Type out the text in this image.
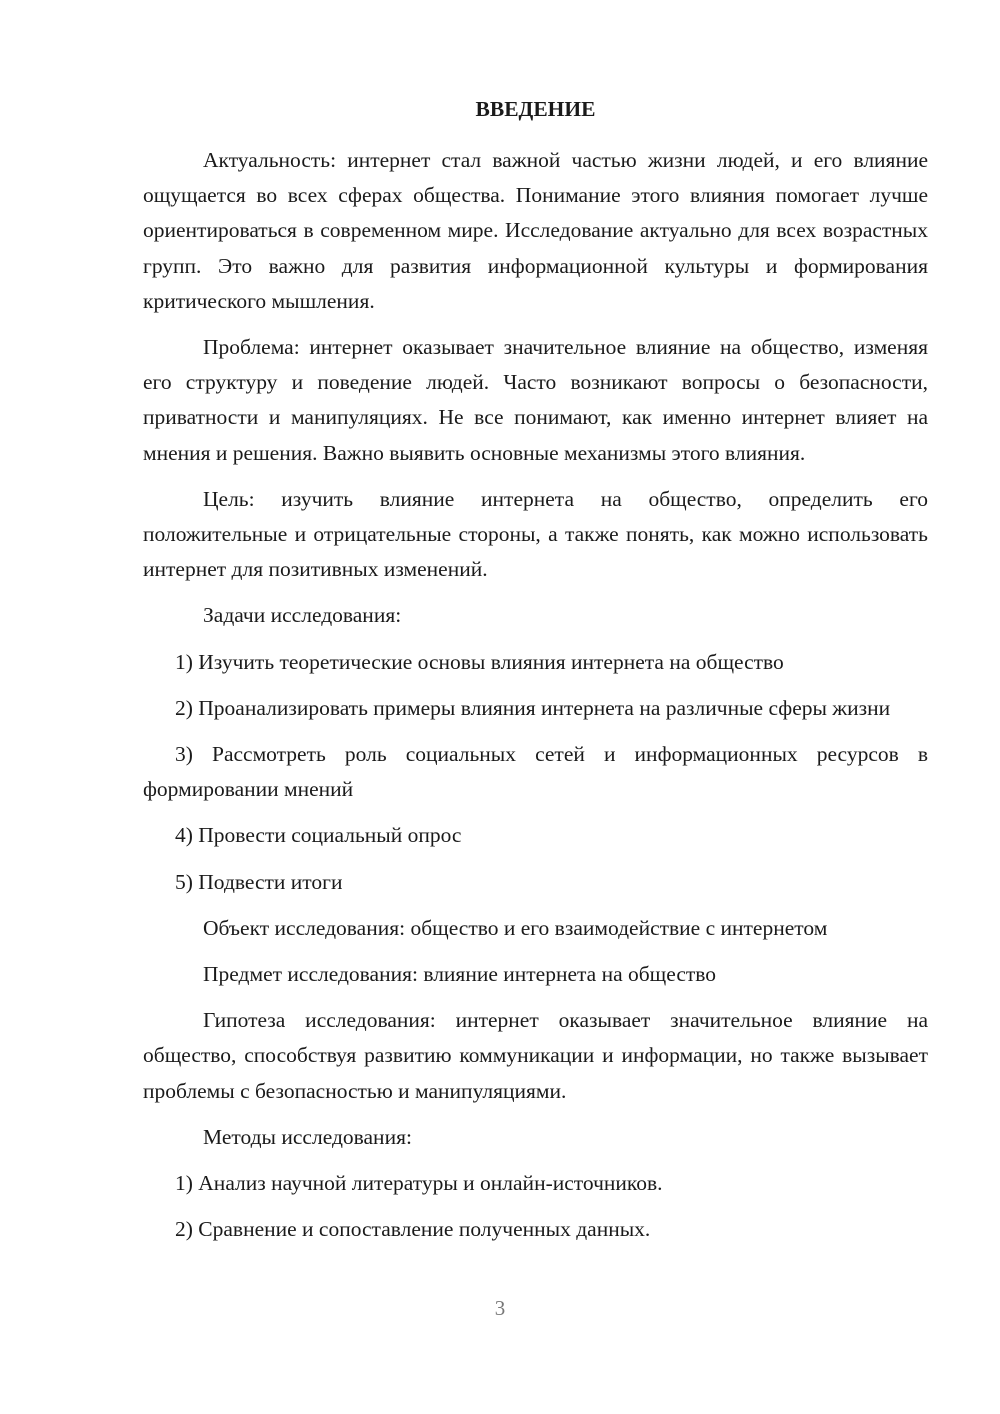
ВВЕДЕНИЕ

Актуальность: интернет стал важной частью жизни людей, и его влияние ощущается во всех сферах общества. Понимание этого влияния помогает лучше ориентироваться в современном мире. Исследование актуально для всех возрастных групп. Это важно для развития информационной культуры и формирования критического мышления.

Проблема: интернет оказывает значительное влияние на общество, изменяя его структуру и поведение людей. Часто возникают вопросы о безопасности, приватности и манипуляциях. Не все понимают, как именно интернет влияет на мнения и решения. Важно выявить основные механизмы этого влияния.

Цель: изучить влияние интернета на общество, определить его положительные и отрицательные стороны, а также понять, как можно использовать интернет для позитивных изменений.

Задачи исследования:

1) Изучить теоретические основы влияния интернета на общество

2) Проанализировать примеры влияния интернета на различные сферы жизни

3) Рассмотреть роль социальных сетей и информационных ресурсов в формировании мнений

4) Провести социальный опрос

5) Подвести итоги

Объект исследования: общество и его взаимодействие с интернетом

Предмет исследования: влияние интернета на общество

Гипотеза исследования: интернет оказывает значительное влияние на общество, способствуя развитию коммуникации и информации, но также вызывает проблемы с безопасностью и манипуляциями.

Методы исследования:

1) Анализ научной литературы и онлайн-источников.

2) Сравнение и сопоставление полученных данных.

3
